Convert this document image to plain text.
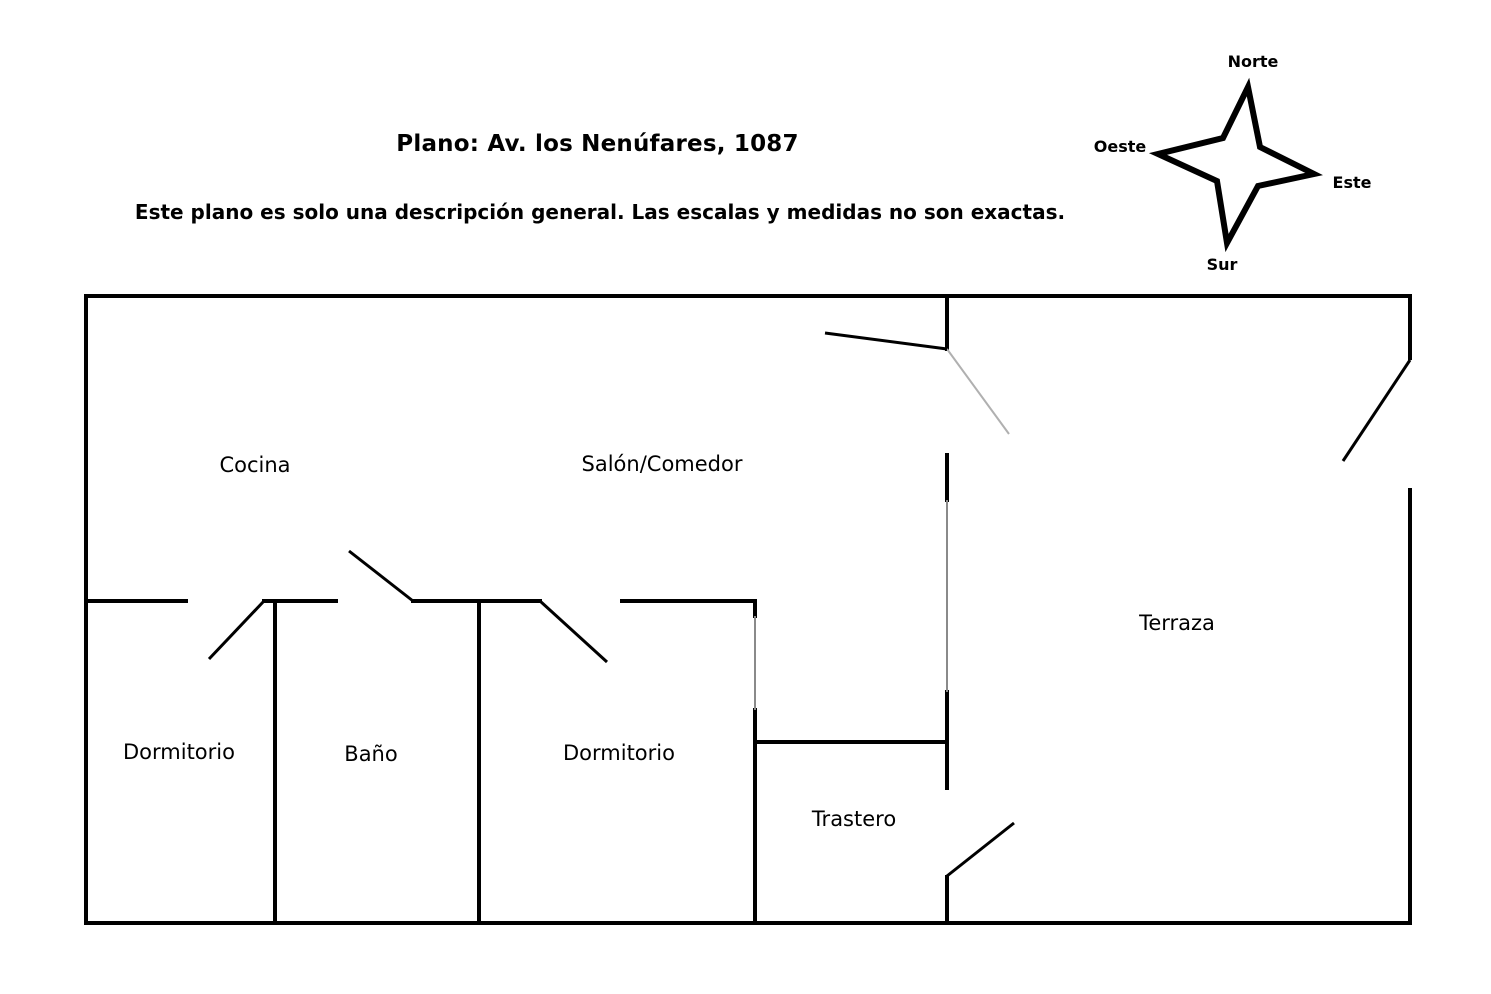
Plano: Av. los Nenúfares, 1087
Este plano es solo una descripción general. Las escalas y medidas no son exactas.
Norte
Oeste
Este
Sur
Cocina	Salón/Comedor
Terraza
Dormitorio	Baño	Dormitorio
Trastero
